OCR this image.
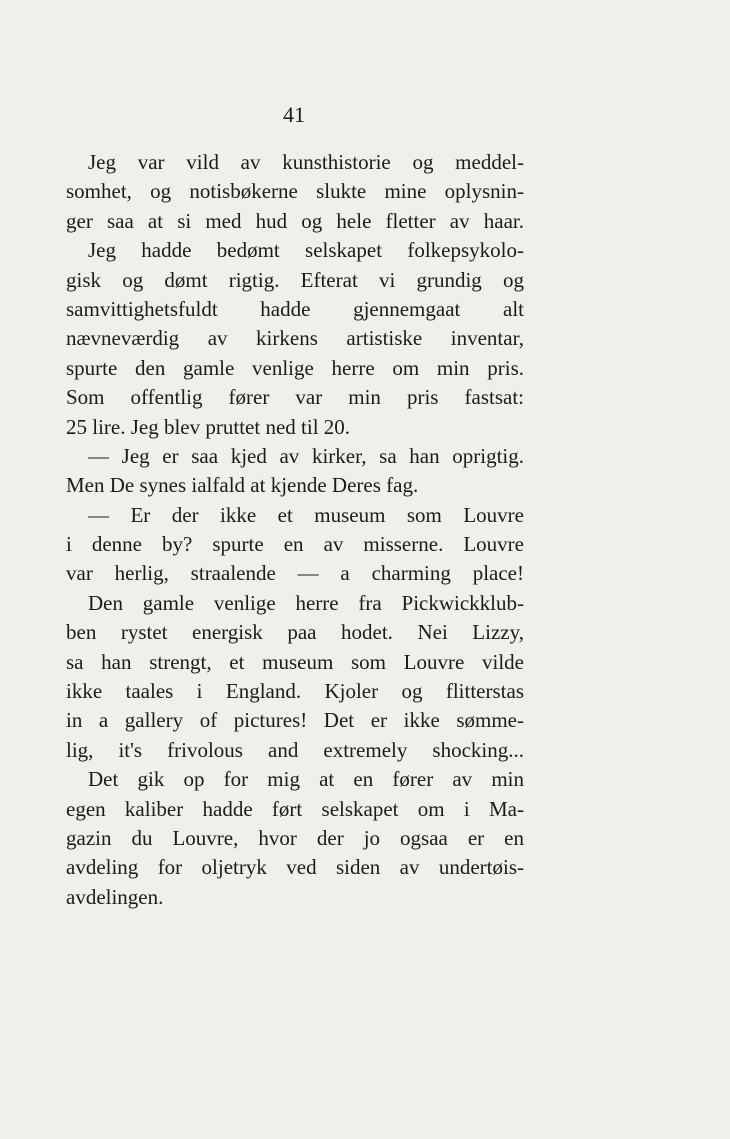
41
Jeg var vild av kunsthistorie og meddel-
somhet, og notisbøkerne slukte mine oplysnin-
ger saa at si med hud og hele fletter av haar.
Jeg hadde bedømt selskapet folkepsykolo-
gisk og dømt rigtig. Efterat vi grundig og
samvittighetsfuldt hadde gjennemgaat alt
nævneværdig av kirkens artistiske inventar,
spurte den gamle venlige herre om min pris.
Som offentlig fører var min pris fastsat:
25 lire. Jeg blev pruttet ned til 20.
— Jeg er saa kjed av kirker, sa han oprigtig.
Men De synes ialfald at kjende Deres fag.
— Er der ikke et museum som Louvre
i denne by? spurte en av misserne. Louvre
var herlig, straalende — a charming place!
Den gamle venlige herre fra Pickwickklub-
ben rystet energisk paa hodet. Nei Lizzy,
sa han strengt, et museum som Louvre vilde
ikke taales i England. Kjoler og flitterstas
in a gallery of pictures! Det er ikke sømme-
lig, it's frivolous and extremely shocking...
Det gik op for mig at en fører av min
egen kaliber hadde ført selskapet om i Ma-
gazin du Louvre, hvor der jo ogsaa er en
avdeling for oljetryk ved siden av undertøis-
avdelingen.
